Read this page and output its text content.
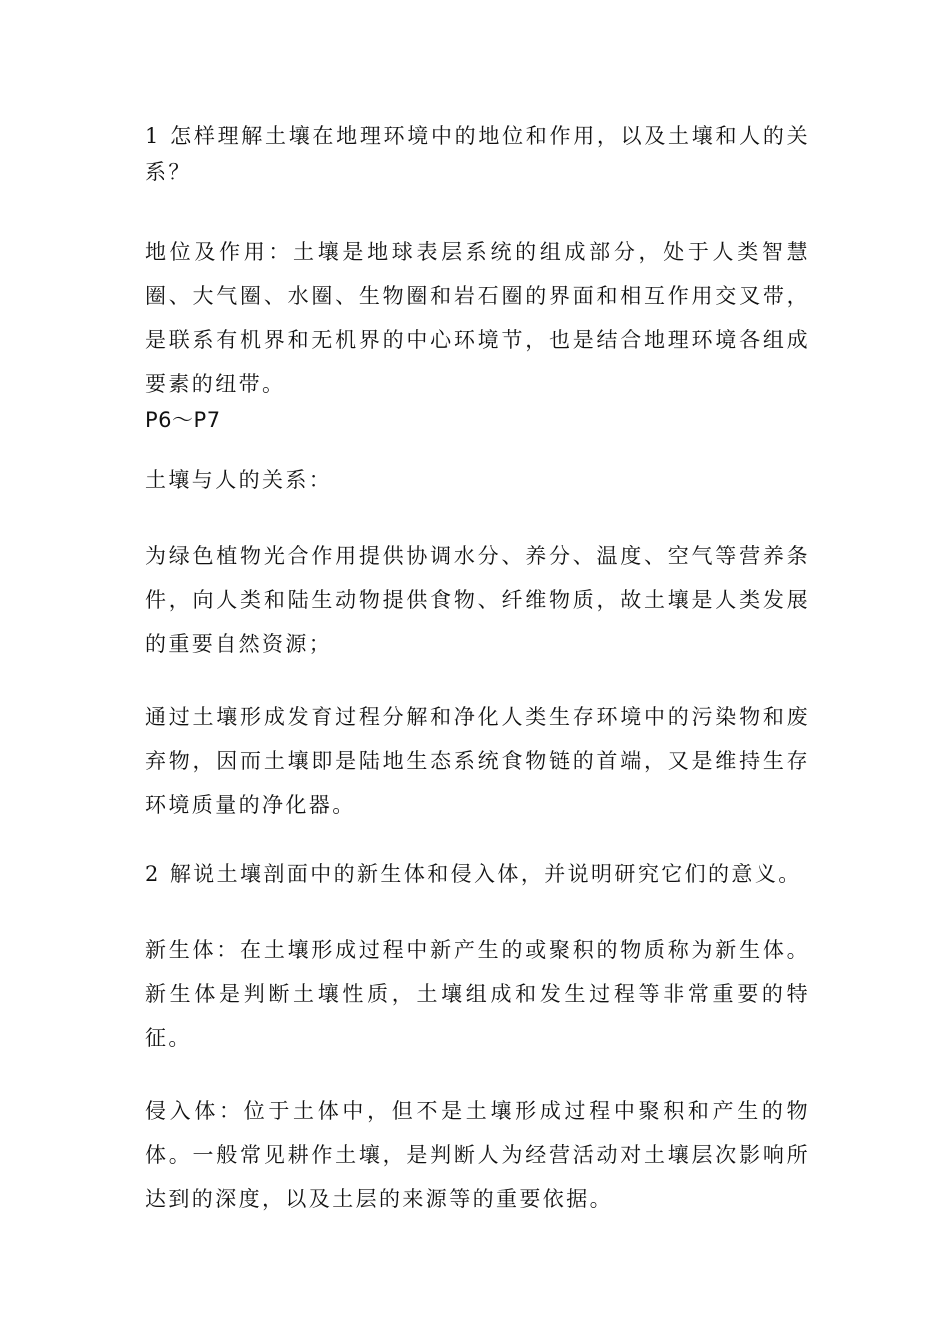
1 怎样理解土壤在地理环境中的地位和作用，以及土壤和人的关系？

地位及作用：土壤是地球表层系统的组成部分，处于人类智慧圈、大气圈、水圈、生物圈和岩石圈的界面和相互作用交叉带，是联系有机界和无机界的中心环境节，也是结合地理环境各组成要素的纽带。
P6～P7

土壤与人的关系：

为绿色植物光合作用提供协调水分、养分、温度、空气等营养条件，向人类和陆生动物提供食物、纤维物质，故土壤是人类发展的重要自然资源；

通过土壤形成发育过程分解和净化人类生存环境中的污染物和废弃物，因而土壤即是陆地生态系统食物链的首端，又是维持生存环境质量的净化器。

2 解说土壤剖面中的新生体和侵入体，并说明研究它们的意义。

新生体：在土壤形成过程中新产生的或聚积的物质称为新生体。新生体是判断土壤性质，土壤组成和发生过程等非常重要的特征。

侵入体：位于土体中，但不是土壤形成过程中聚积和产生的物体。一般常见耕作土壤，是判断人为经营活动对土壤层次影响所达到的深度，以及土层的来源等的重要依据。
